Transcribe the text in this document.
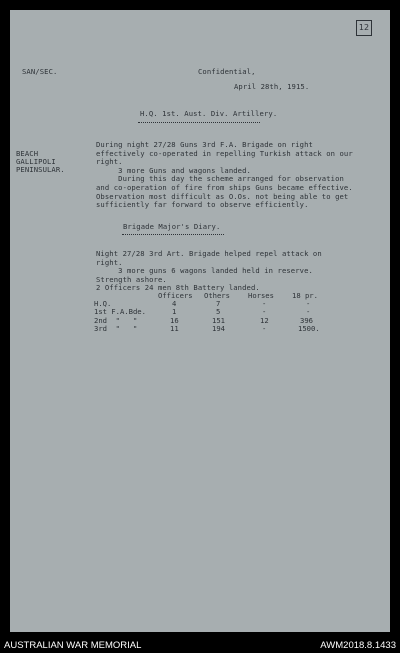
12
SAN/SEC.	Confidential,
April 28th, 1915.
H.Q. 1st. Aust. Div. Artillery.
BEACH
GALLIPOLI
PENINSULAR.
During night 27/28 Guns 3rd F.A. Brigade on right
effectively co-operated in repelling Turkish attack on our
right.
3 more Guns and wagons landed.
During this day the scheme arranged for observation
and co-operation of fire from ships Guns became effective.
Observation most difficult as O.Os. not being able to get
sufficiently far forward to observe efficiently.
Brigade Major's Diary.
Night 27/28 3rd Art. Brigade helped repel attack on
right.
3 more guns 6 wagons landed held in reserve.
Strength ashore.
2 Officers 24 men 8th Battery landed.
	Officers	Others	Horses	18 pr.
H.Q.	4	7	-	-
1st F.A.Bde.	1	5	-	-
2nd  "   "	16	151	12	396
3rd  "   "	11	194	-	1500.
AUSTRALIAN WAR MEMORIAL	AWM2018.8.1433
